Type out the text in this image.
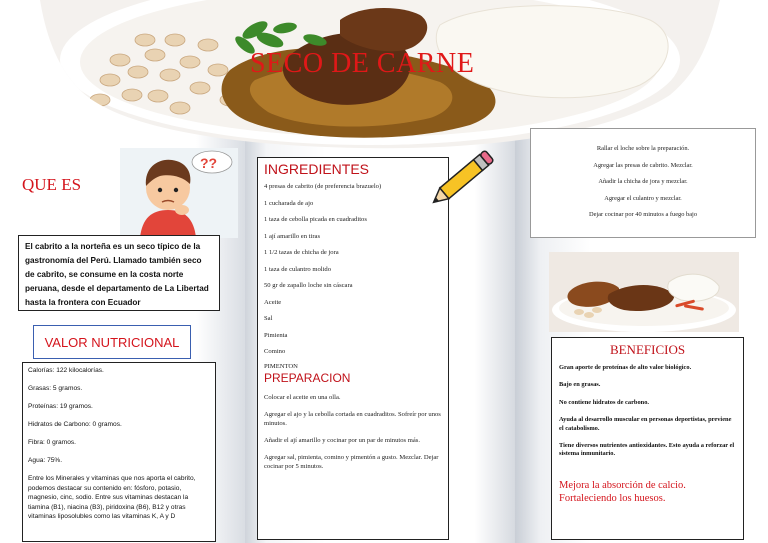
SECO DE CARNE
QUE ES
??
El cabrito a la norteña es un seco típico de la gastronomía del Perú. Llamado también seco de cabrito, se consume en la costa norte peruana, desde el departamento de La Libertad hasta la frontera con Ecuador
VALOR NUTRICIONAL
Calorías: 122 kilocalorías.
Grasas: 5 gramos.
Proteínas: 19 gramos.
Hidratos de Carbono: 0 gramos.
Fibra: 0 gramos.
Agua: 75%.
Entre los Minerales y vitaminas que nos aporta el cabrito, podemos destacar su contenido en: fósforo, potasio, magnesio, cinc, sodio. Entre sus vitaminas destacan la tiamina (B1), niacina (B3), piridoxina (B6), B12 y otras vitaminas liposolubles como las vitaminas K, A y D
INGREDIENTES
4 presas de cabrito (de preferencia brazuelo)
1 cucharada de ajo
1 taza de cebolla picada en cuadraditos
1 ají amarillo en tiras
1 1/2 tazas de chicha de jora
1 taza de culantro molido
50 gr de zapallo loche sin cáscara
Aceite
Sal
Pimienta
Comino
PIMENTON
PREPARACION
Colocar el aceite en una olla.
Agregar el ajo y la cebolla cortada en cuadraditos. Sofreír por unos minutos.
Añadir el ají amarillo y cocinar por un par de minutos más.
Agregar sal, pimienta, comino y pimentón a gusto. Mezclar. Dejar cocinar por 5 minutos.
Rallar el loche sobre la preparación.
Agregar las presas de cabrito. Mezclar.
Añadir la chicha de jora y mezclar.
Agregar el culantro y mezclar.
Dejar cocinar por 40 minutos a fuego bajo
BENEFICIOS
Gran aporte de proteínas de alto valor biológico.
Bajo en grasas.
No contiene hidratos de carbono.
Ayuda al desarrollo muscular en personas deportistas, previene el catabolismo.
Tiene diversos nutrientes antioxidantes. Esto ayuda a reforzar el sistema inmunitario.
Mejora la absorción de calcio.
Fortaleciendo los huesos.
